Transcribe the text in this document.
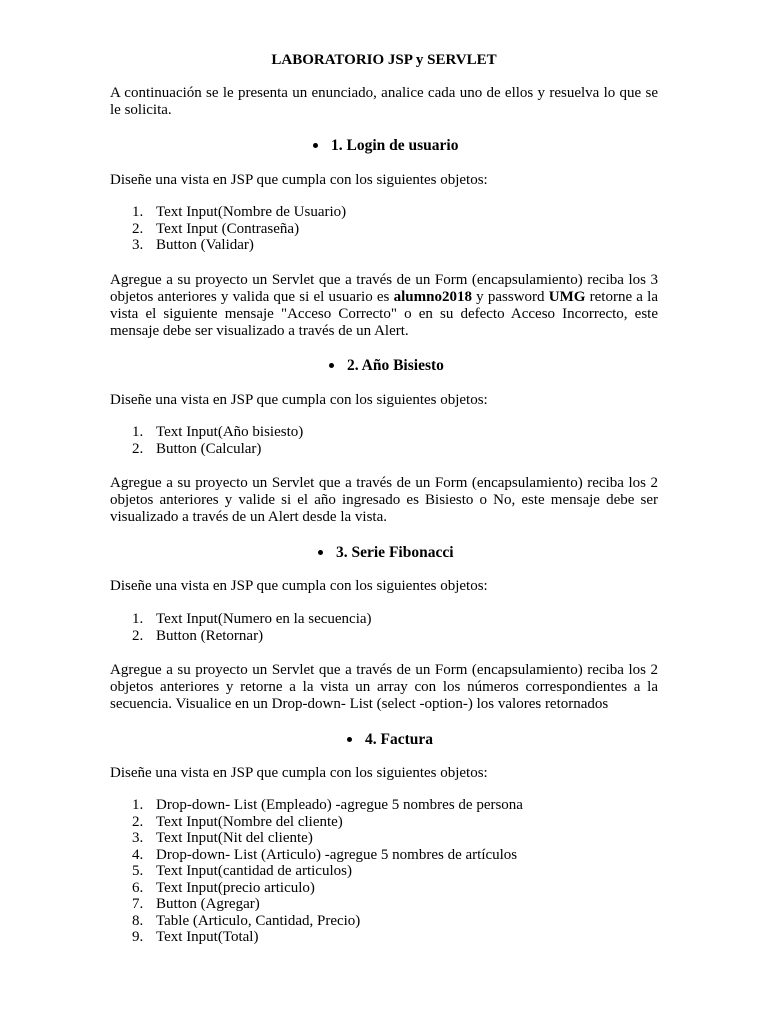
LABORATORIO JSP y SERVLET
A continuación se le presenta un enunciado, analice cada uno de ellos y resuelva lo que se le solicita.
1. Login de usuario
Diseñe una vista en JSP que cumpla con los siguientes objetos:
1. Text Input(Nombre de Usuario)
2. Text Input (Contraseña)
3. Button (Validar)
Agregue a su proyecto un Servlet que a través de un Form (encapsulamiento) reciba los 3 objetos anteriores y valida que si el usuario es alumno2018 y password UMG retorne a la vista el siguiente mensaje "Acceso Correcto" o en su defecto Acceso Incorrecto, este mensaje debe ser visualizado a través de un Alert.
2. Año Bisiesto
Diseñe una vista en JSP que cumpla con los siguientes objetos:
1. Text Input(Año bisiesto)
2. Button (Calcular)
Agregue a su proyecto un Servlet que a través de un Form (encapsulamiento) reciba los 2 objetos anteriores y valide si el año ingresado es Bisiesto o No, este mensaje debe ser visualizado a través de un Alert desde la vista.
3. Serie Fibonacci
Diseñe una vista en JSP que cumpla con los siguientes objetos:
1. Text Input(Numero en la secuencia)
2. Button (Retornar)
Agregue a su proyecto un Servlet que a través de un Form (encapsulamiento) reciba los 2 objetos anteriores y retorne a la vista un array con los números correspondientes a la secuencia. Visualice en un Drop-down- List (select -option-) los valores retornados
4. Factura
Diseñe una vista en JSP que cumpla con los siguientes objetos:
1. Drop-down- List (Empleado) -agregue 5 nombres de persona
2. Text Input(Nombre del cliente)
3. Text Input(Nit del cliente)
4. Drop-down- List (Articulo) -agregue 5 nombres de artículos
5. Text Input(cantidad de articulos)
6. Text Input(precio articulo)
7. Button (Agregar)
8. Table (Articulo, Cantidad, Precio)
9. Text Input(Total)
